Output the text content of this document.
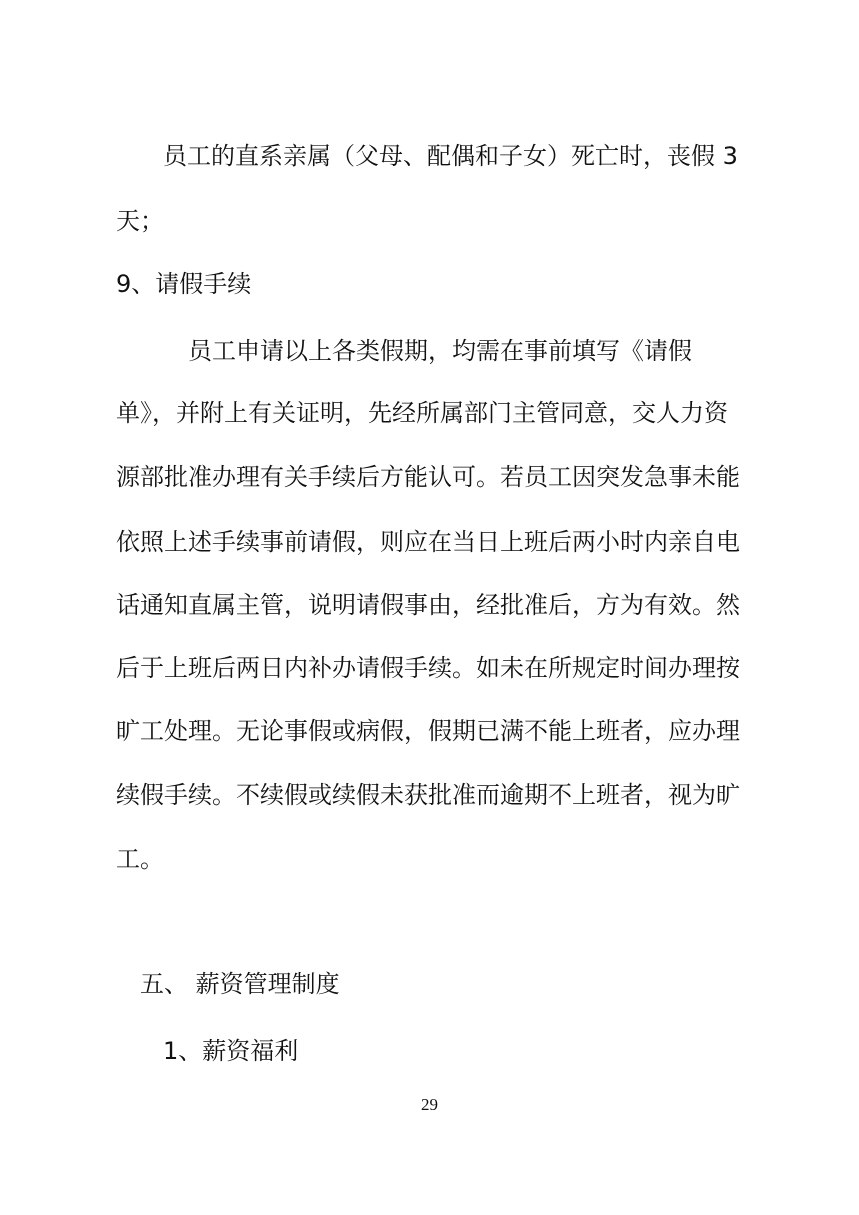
员工的直系亲属（父母、配偶和子女）死亡时，丧假 3
天；
9、请假手续
员工申请以上各类假期，均需在事前填写《请假
单》，并附上有关证明，先经所属部门主管同意，交人力资
源部批准办理有关手续后方能认可。若员工因突发急事未能
依照上述手续事前请假，则应在当日上班后两小时内亲自电
话通知直属主管，说明请假事由，经批准后，方为有效。然
后于上班后两日内补办请假手续。如未在所规定时间办理按
旷工处理。无论事假或病假，假期已满不能上班者，应办理
续假手续。不续假或续假未获批准而逾期不上班者，视为旷
工。
五、 薪资管理制度
1、薪资福利
29
